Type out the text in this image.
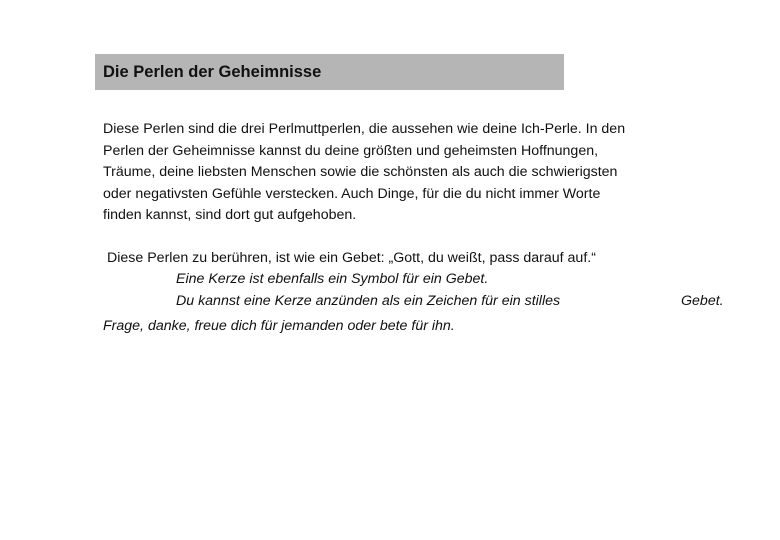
Die Perlen der Geheimnisse

Diese Perlen sind die drei Perlmuttperlen, die aussehen wie deine Ich-Perle. In den
Perlen der Geheimnisse kannst du deine größten und geheimsten Hoffnungen,
Träume, deine liebsten Menschen sowie die schönsten als auch die schwierigsten
oder negativsten Gefühle verstecken. Auch Dinge, für die du nicht immer Worte
finden kannst, sind dort gut aufgehoben.

Diese Perlen zu berühren, ist wie ein Gebet: „Gott, du weißt, pass darauf auf.“
Eine Kerze ist ebenfalls ein Symbol für ein Gebet.
Du kannst eine Kerze anzünden als ein Zeichen für ein stilles	Gebet.
Frage, danke, freue dich für jemanden oder bete für ihn.
